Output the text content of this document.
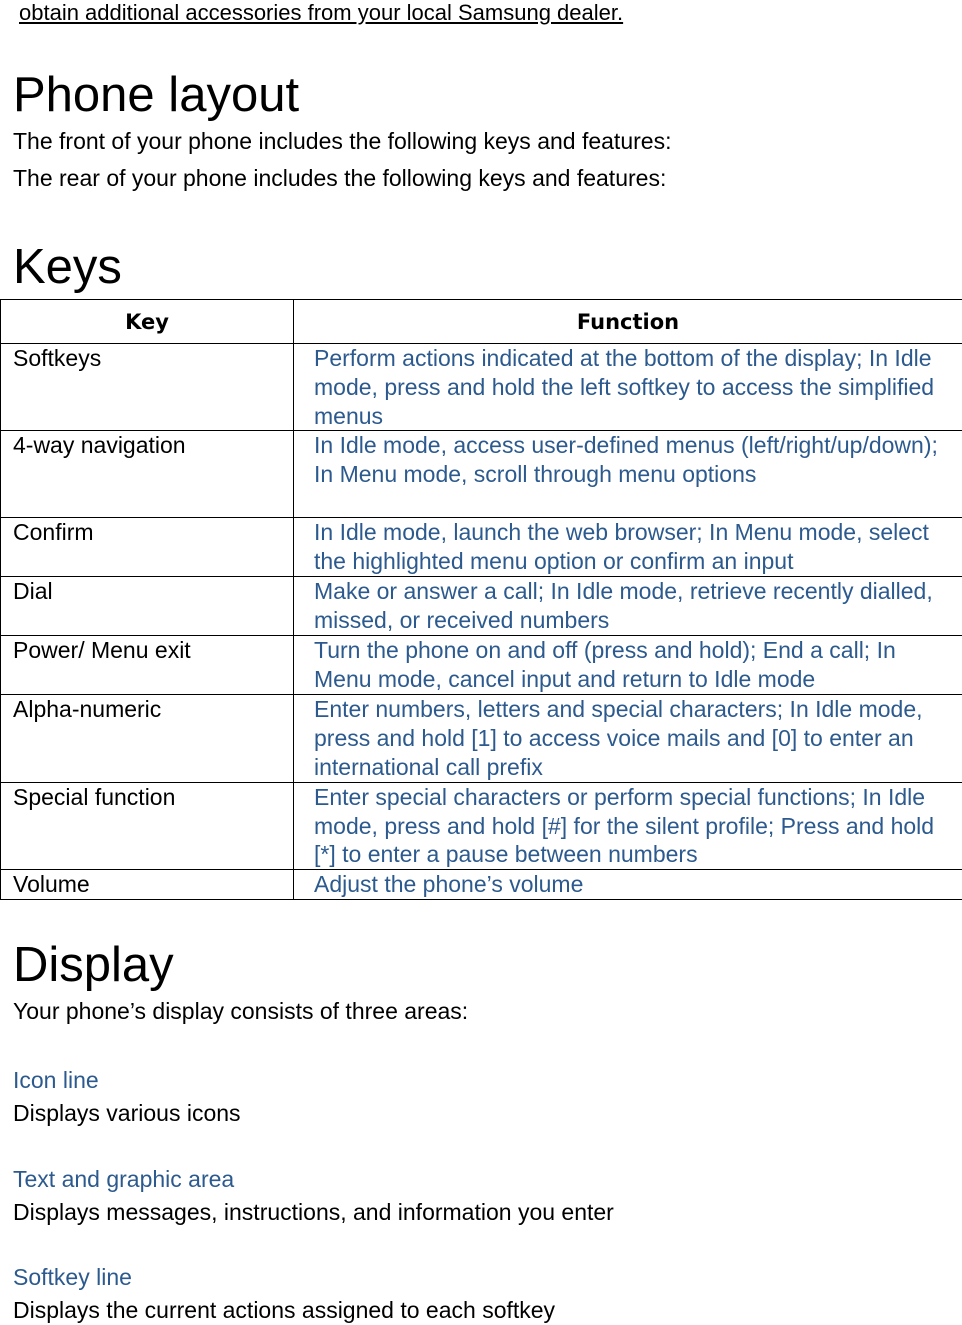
obtain additional accessories from your local Samsung dealer.
Phone layout
The front of your phone includes the following keys and features:
The rear of your phone includes the following keys and features:
Keys
Key	Function
Softkeys	Perform actions indicated at the bottom of the display; In Idle mode, press and hold the left softkey to access the simplified menus
4-way navigation	In Idle mode, access user-defined menus (left/right/up/down); In Menu mode, scroll through menu options
Confirm	In Idle mode, launch the web browser; In Menu mode, select the highlighted menu option or confirm an input
Dial	Make or answer a call; In Idle mode, retrieve recently dialled, missed, or received numbers
Power/ Menu exit	Turn the phone on and off (press and hold); End a call; In Menu mode, cancel input and return to Idle mode
Alpha-numeric	Enter numbers, letters and special characters; In Idle mode, press and hold [1] to access voice mails and [0] to enter an international call prefix
Special function	Enter special characters or perform special functions; In Idle mode, press and hold [#] for the silent profile; Press and hold [*] to enter a pause between numbers
Volume	Adjust the phone’s volume
Display
Your phone’s display consists of three areas:
Icon line
Displays various icons
Text and graphic area
Displays messages, instructions, and information you enter
Softkey line
Displays the current actions assigned to each softkey
